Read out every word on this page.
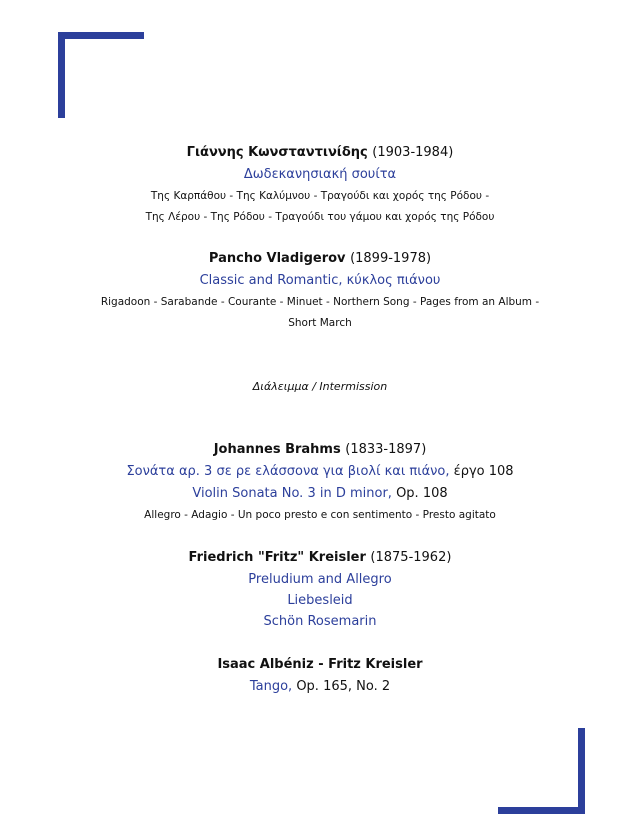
Γιάννης Κωνσταντινίδης (1903-1984)
Δωδεκανησιακή σουίτα
Της Καρπάθου - Της Καλύμνου - Τραγούδι και χορός της Ρόδου -
Της Λέρου - Της Ρόδου - Τραγούδι του γάμου και χορός της Ρόδου
Pancho Vladigerov (1899-1978)
Classic and Romantic, κύκλος πιάνου
Rigadoon - Sarabande - Courante - Minuet - Northern Song - Pages from an Album -
Short March
Διάλειμμα / Intermission
Johannes Brahms (1833-1897)
Σονάτα αρ. 3 σε ρε ελάσσονα για βιολί και πιάνο, έργο 108
Violin Sonata No. 3 in D minor, Op. 108
Allegro - Adagio - Un poco presto e con sentimento - Presto agitato
Friedrich "Fritz" Kreisler (1875-1962)
Preludium and Allegro
Liebesleid
Schön Rosemarin
Isaac Albéniz - Fritz Kreisler
Tango, Op. 165, No. 2
